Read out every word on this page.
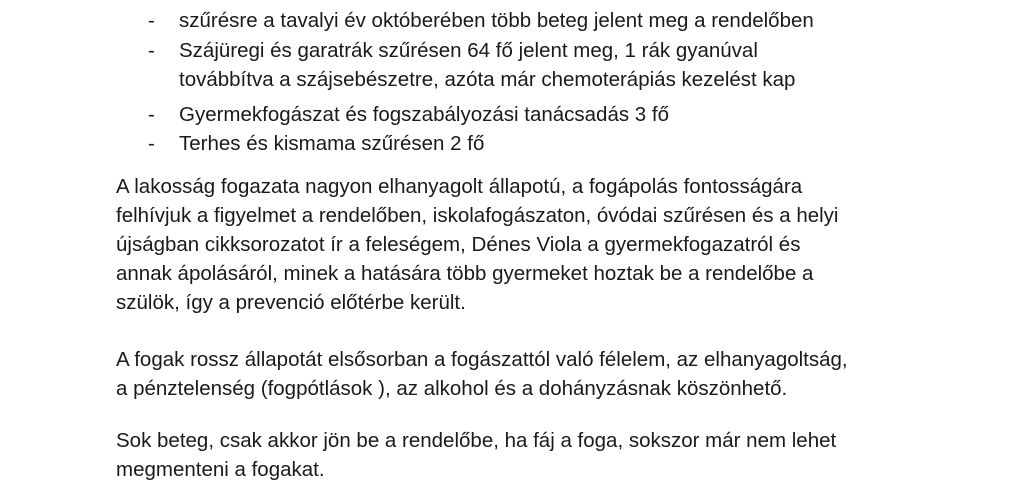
- szűrésre a tavalyi év októberében több beteg jelent meg a rendelőben
- Szájüregi és garatrák szűrésen 64 fő jelent meg, 1 rák gyanúval
továbbítva a szájsebészetre, azóta már chemoterápiás kezelést kap
- Gyermekfogászat és fogszabályozási tanácsadás 3 fő
- Terhes és kismama szűrésen 2 fő
A lakosság fogazata nagyon elhanyagolt állapotú, a fogápolás fontosságára
felhívjuk a figyelmet a rendelőben, iskolafogászaton, óvódai szűrésen és a helyi
újságban cikksorozatot ír a feleségem, Dénes Viola a gyermekfogazatról és
annak ápolásáról, minek a hatására több gyermeket hoztak be a rendelőbe a
szülök, így a prevenció előtérbe került.
A fogak rossz állapotát elsősorban a fogászattól való félelem, az elhanyagoltság,
a pénztelenség (fogpótlások ), az alkohol és a dohányzásnak köszönhető.
Sok beteg, csak akkor jön be a rendelőbe, ha fáj a foga, sokszor már nem lehet
megmenteni a fogakat.
